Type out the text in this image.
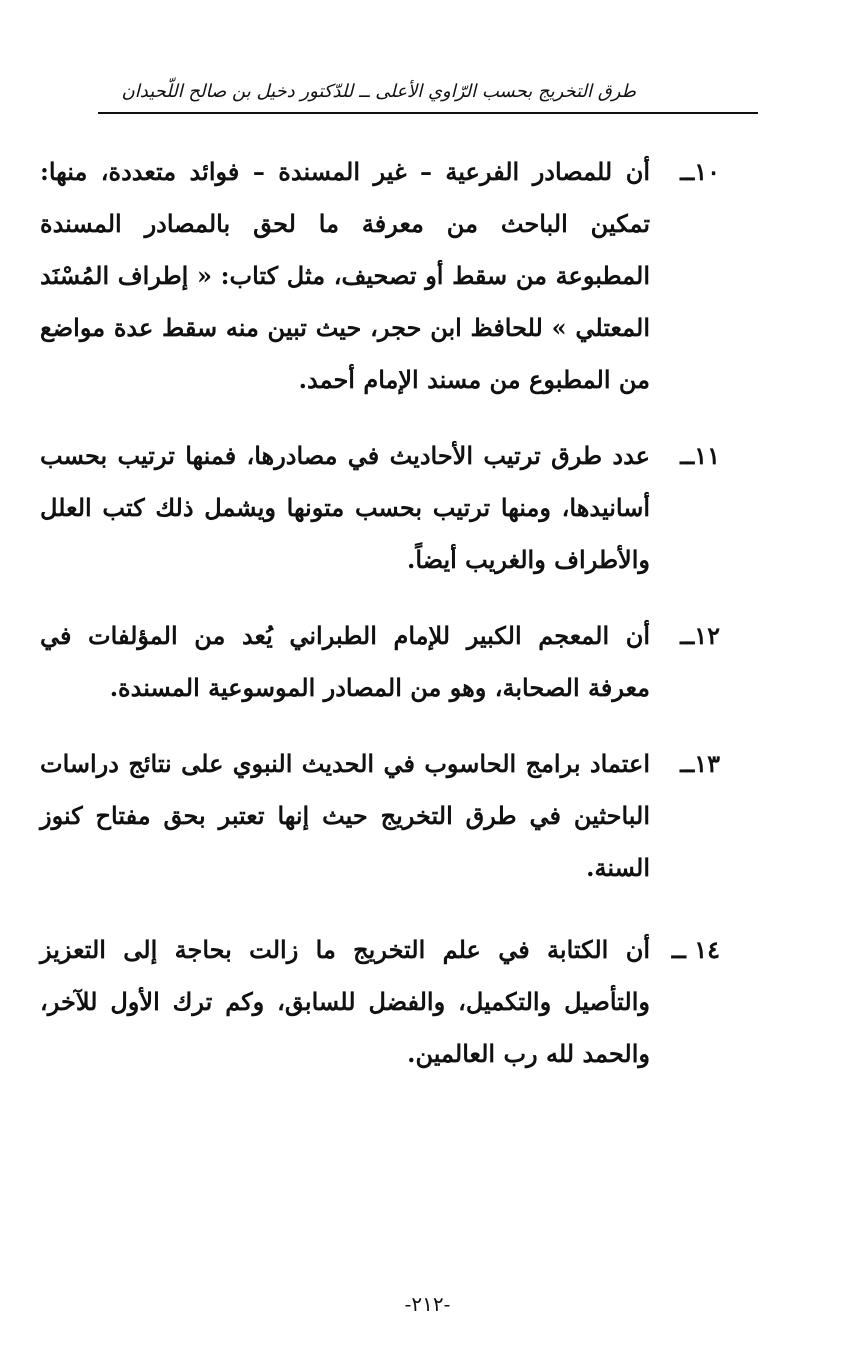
طرق التخريج بحسب الرّاوي الأعلى ــ للدّكتور دخيل بن صالح اللّحيدان
١٠ــ

أن للمصادر الفرعية – غير المسندة – فوائد متعددة، منها: تمكين الباحث من معرفة ما لحق بالمصادر المسندة المطبوعة من سقط أو تصحيف، مثل كتاب: « إطراف المُسْنَد المعتلي » للحافظ ابن حجر، حيث تبين منه سقط عدة مواضع من المطبوع من مسند الإمام أحمد.

١١ــ

عدد طرق ترتيب الأحاديث في مصادرها، فمنها ترتيب بحسب أسانيدها، ومنها ترتيب بحسب متونها ويشمل ذلك كتب العلل والأطراف والغريب أيضاً.

١٢ــ

أن المعجم الكبير للإمام الطبراني يُعد من المؤلفات في معرفة الصحابة، وهو من المصادر الموسوعية المسندة.

١٣ــ

اعتماد برامج الحاسوب في الحديث النبوي على نتائج دراسات الباحثين في طرق التخريج حيث إنها تعتبر بحق مفتاح كنوز السنة.

١٤ ــ

أن الكتابة في علم التخريج ما زالت بحاجة إلى التعزيز والتأصيل والتكميل، والفضل للسابق، وكم ترك الأول للآخر، والحمد لله رب العالمين.

-٢١٢-
